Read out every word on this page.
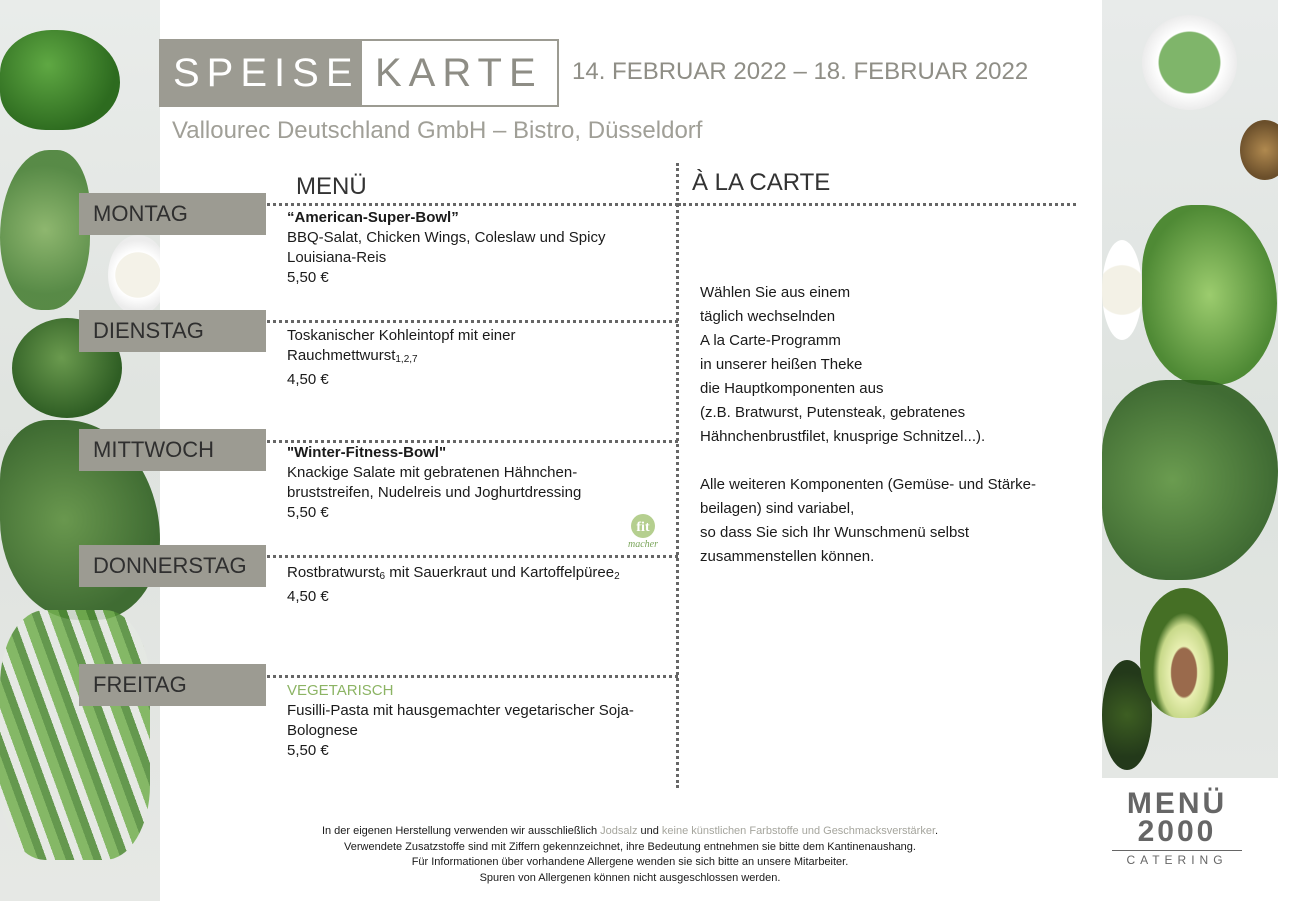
SPEISE KARTE 14. FEBRUAR 2022 – 18. FEBRUAR 2022
Vallourec Deutschland GmbH – Bistro, Düsseldorf
MENÜ	À LA CARTE
MONTAG
DIENSTAG
MITTWOCH
DONNERSTAG
FREITAG
“American-Super-Bowl”
BBQ-Salat, Chicken Wings, Coleslaw und Spicy Louisiana-Reis
5,50 €
Toskanischer Kohleintopf mit einer Rauchmettwurst$_{1,2,7}$
4,50 €
"Winter-Fitness-Bowl"
Knackige Salate mit gebratenen Hähnchen-bruststreifen, Nudelreis und Joghurtdressing
5,50 €
fit
macher
Rostbratwurst$_6$ mit Sauerkraut und Kartoffelpüree$_2$
4,50 €
VEGETARISCH
Fusilli-Pasta mit hausgemachter vegetarischer Soja-Bolognese
5,50 €

Wählen Sie aus einem
täglich wechselnden
A la Carte-Programm
in unserer heißen Theke
die Hauptkomponenten aus
(z.B. Bratwurst, Putensteak, gebratenes
Hähnchenbrustfilet, knusprige Schnitzel...).

Alle weiteren Komponenten (Gemüse- und Stärke-
beilagen) sind variabel,
so dass Sie sich Ihr Wunschmenü selbst
zusammenstellen können.

In der eigenen Herstellung verwenden wir ausschließlich Jodsalz und keine künstlichen Farbstoffe und Geschmacksverstärker.
Verwendete Zusatzstoffe sind mit Ziffern gekennzeichnet, ihre Bedeutung entnehmen sie bitte dem Kantinenaushang.
Für Informationen über vorhandene Allergene wenden sie sich bitte an unsere Mitarbeiter.
Spuren von Allergenen können nicht ausgeschlossen werden.
MENÜ
2000
CATERING
